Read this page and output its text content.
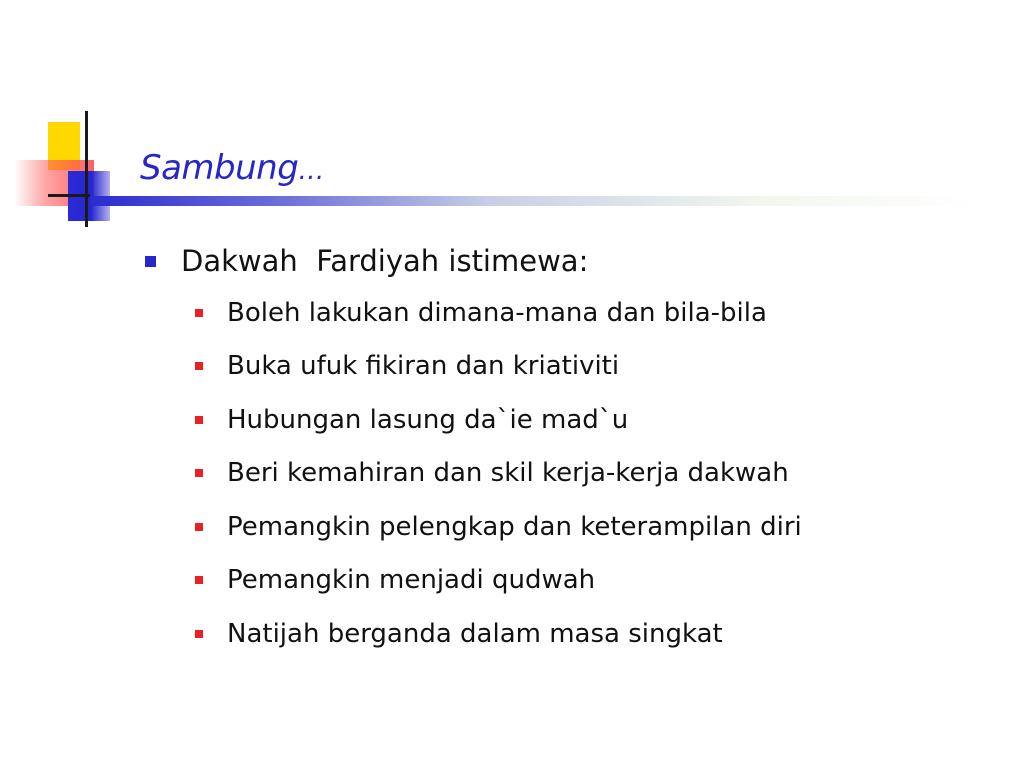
Sambung…
Dakwah  Fardiyah istimewa:
Boleh lakukan dimana-mana dan bila-bila
Buka ufuk fikiran dan kriativiti
Hubungan lasung da`ie mad`u
Beri kemahiran dan skil kerja-kerja dakwah
Pemangkin pelengkap dan keterampilan diri
Pemangkin menjadi qudwah
Natijah berganda dalam masa singkat
